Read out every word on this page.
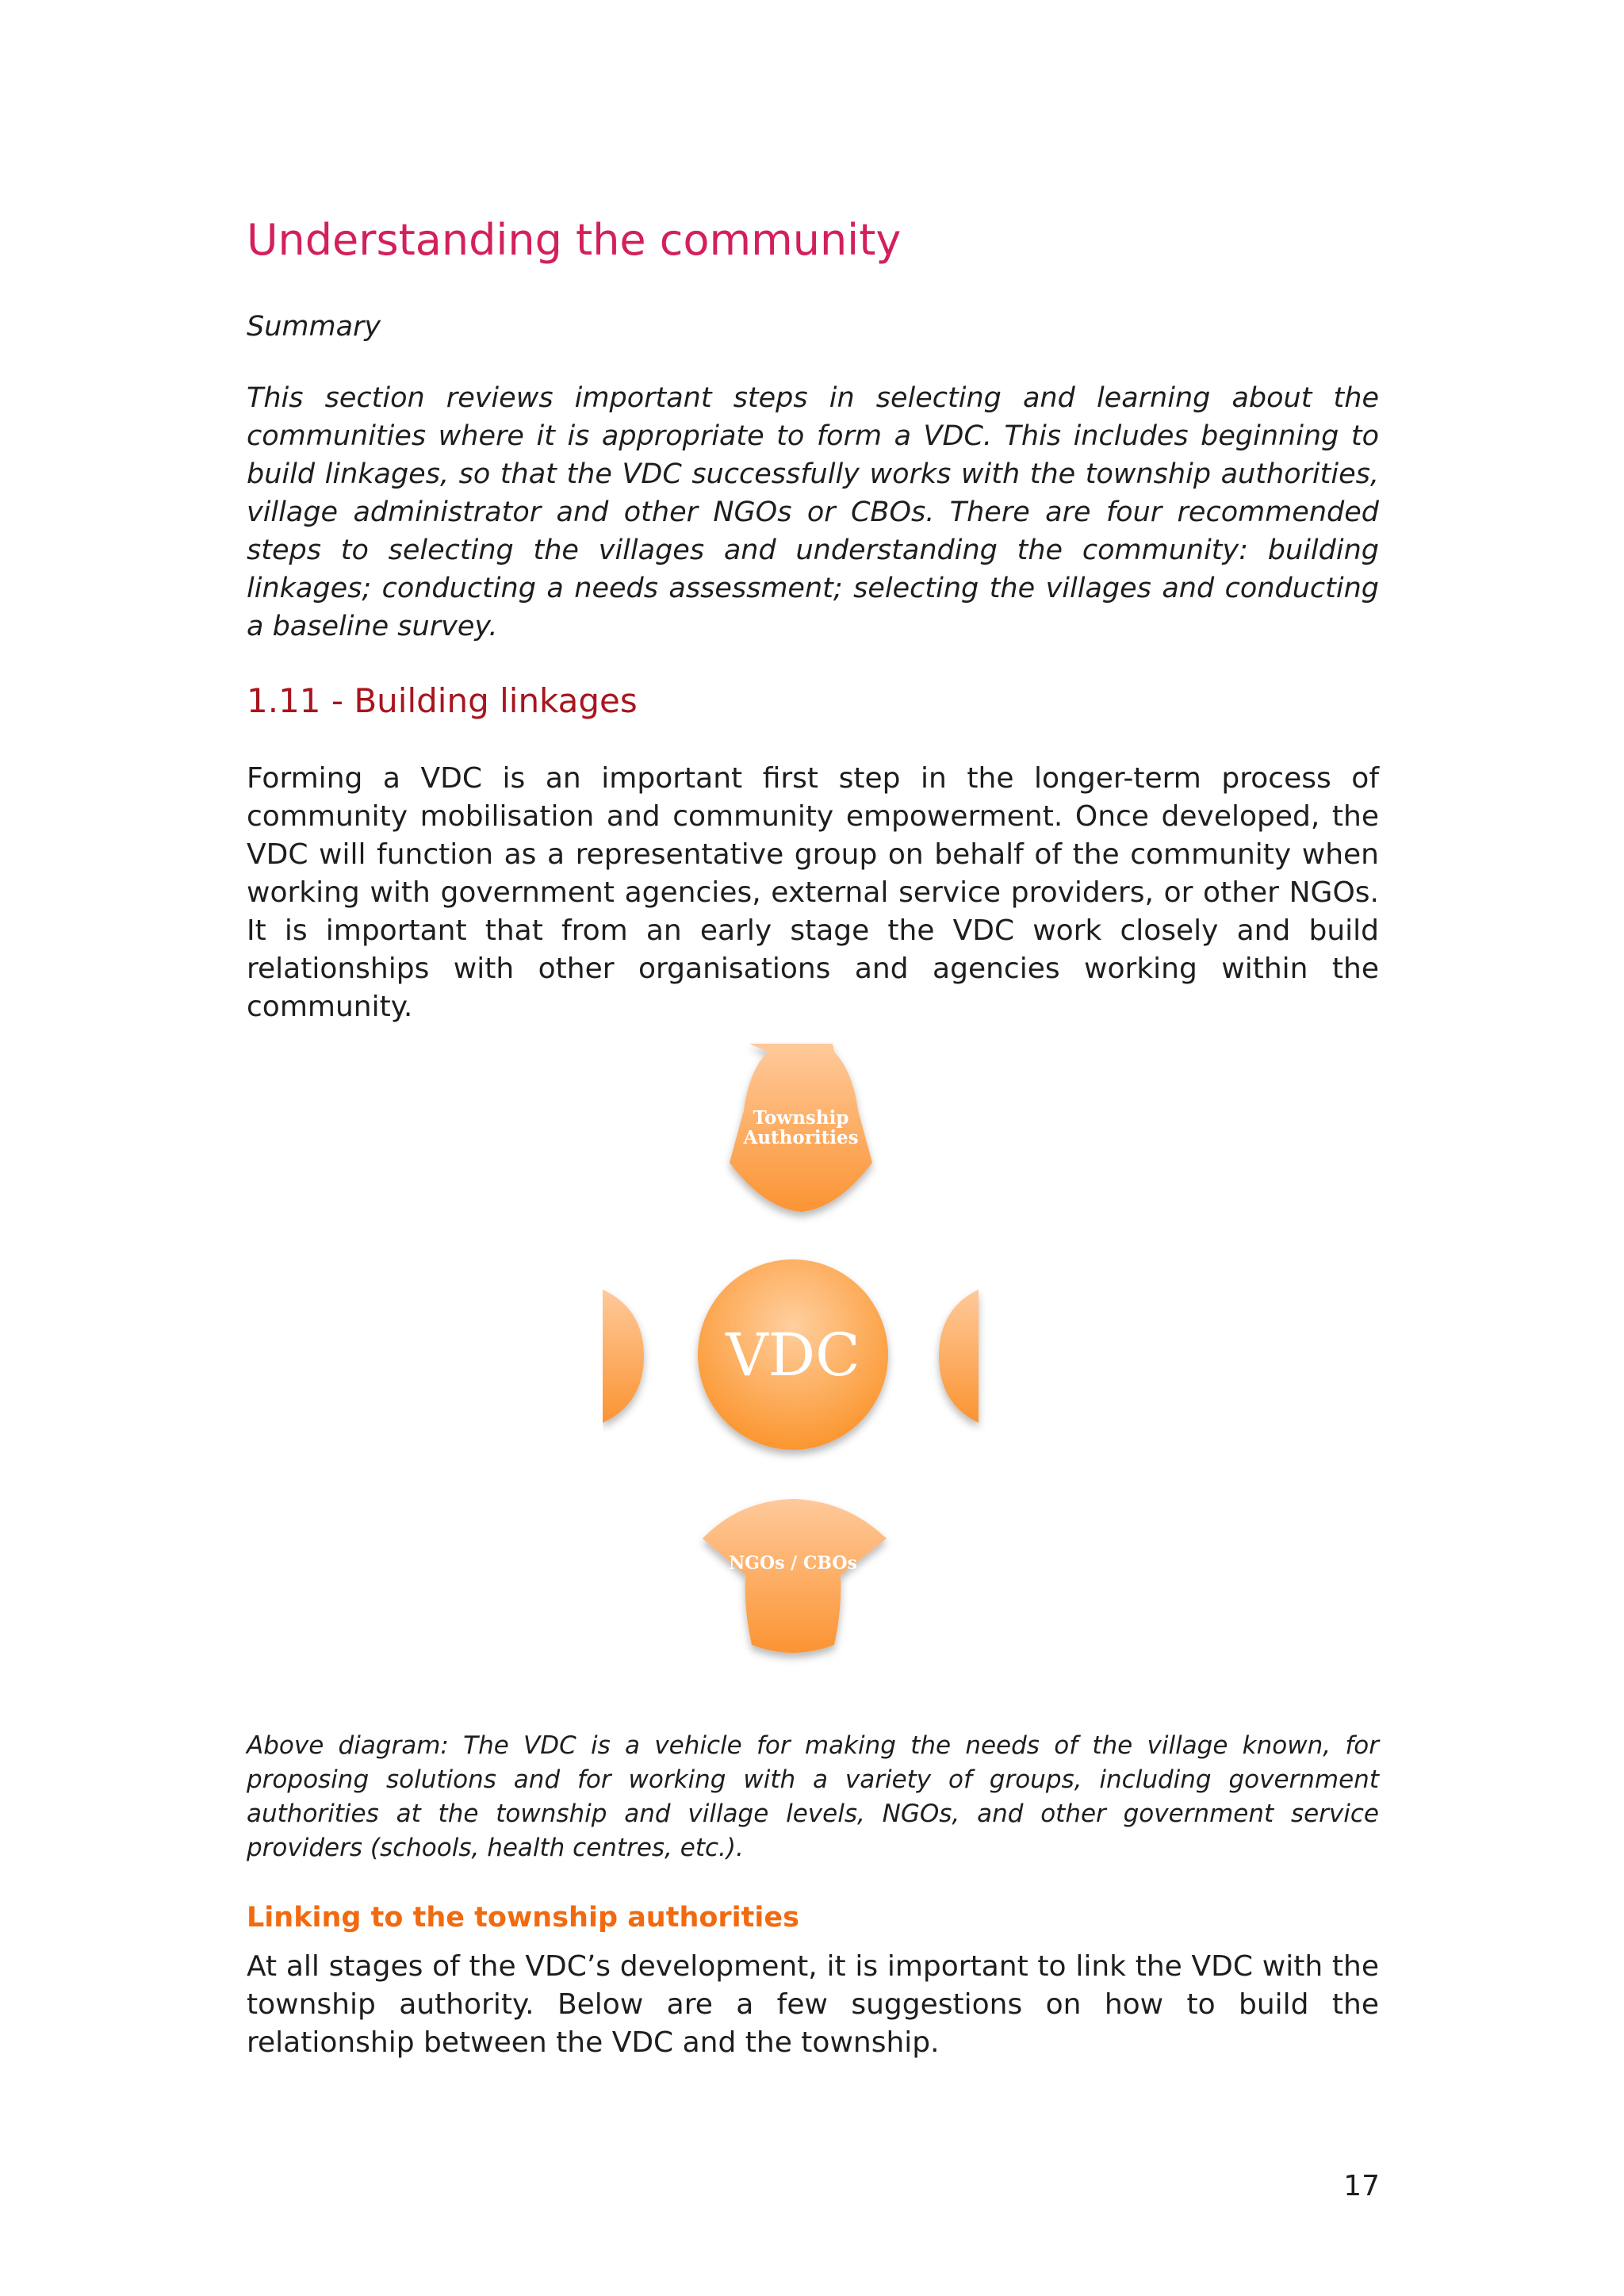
Understanding the community
Summary

This section reviews important steps in selecting and learning about the communities where it is appropriate to form a VDC. This includes beginning to build linkages, so that the VDC successfully works with the township authorities, village administrator and other NGOs or CBOs. There are four recommended steps to selecting the villages and understanding the community: building linkages; conducting a needs assessment; selecting the villages and conducting a baseline survey.

1.11 - Building linkages

Forming a VDC is an important first step in the longer-term process of community mobilisation and community empowerment. Once developed, the VDC will function as a representative group on behalf of the community when working with government agencies, external service providers, or other NGOs. It is important that from an early stage the VDC work closely and build relationships with other organisations and agencies working within the community.

Township
Authorities
VDC
NGOs / CBOs

Above diagram: The VDC is a vehicle for making the needs of the village known, for proposing solutions and for working with a variety of groups, including government authorities at the township and village levels, NGOs, and other government service providers (schools, health centres, etc.).

Linking to the township authorities

At all stages of the VDC’s development, it is important to link the VDC with the township authority. Below are a few suggestions on how to build the relationship between the VDC and the township.

17
